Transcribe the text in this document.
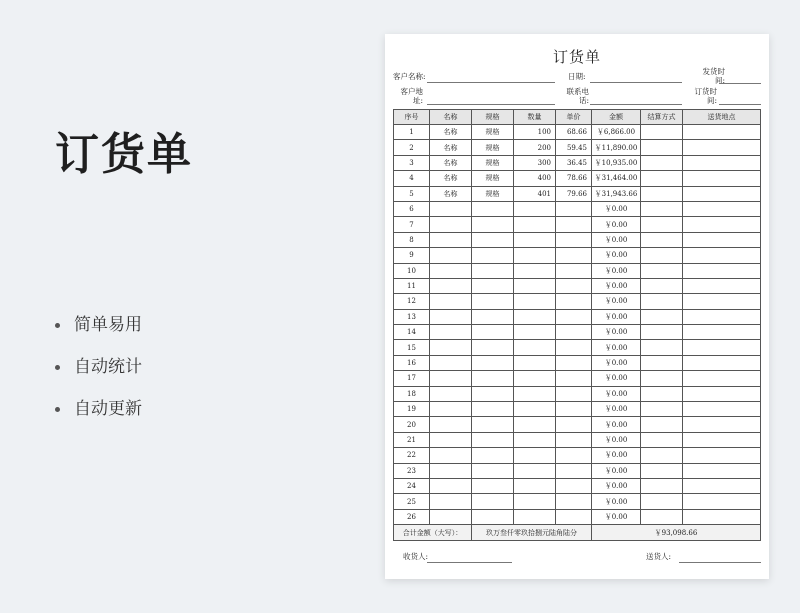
订货单
简单易用
自动统计
自动更新
订货单
客户名称:	日期:
发货时
间:
客户地
址:
联系电
话:
订货时
间:
序号	名称	规格	数量	单价	金额	结算方式	送货地点
1	名称	规格	100	68.66	￥6,866.00		
2	名称	规格	200	59.45	￥11,890.00		
3	名称	规格	300	36.45	￥10,935.00		
4	名称	规格	400	78.66	￥31,464.00		
5	名称	规格	401	79.66	￥31,943.66		
6					￥0.00		
7					￥0.00		
8					￥0.00		
9					￥0.00		
10					￥0.00		
11					￥0.00		
12					￥0.00		
13					￥0.00		
14					￥0.00		
15					￥0.00		
16					￥0.00		
17					￥0.00		
18					￥0.00		
19					￥0.00		
20					￥0.00		
21					￥0.00		
22					￥0.00		
23					￥0.00		
24					￥0.00		
25					￥0.00		
26					￥0.00		
合计金额（大写）：		玖万叁仟零玖拾捌元陆角陆分			￥93,098.66		
收货人:	送货人:
